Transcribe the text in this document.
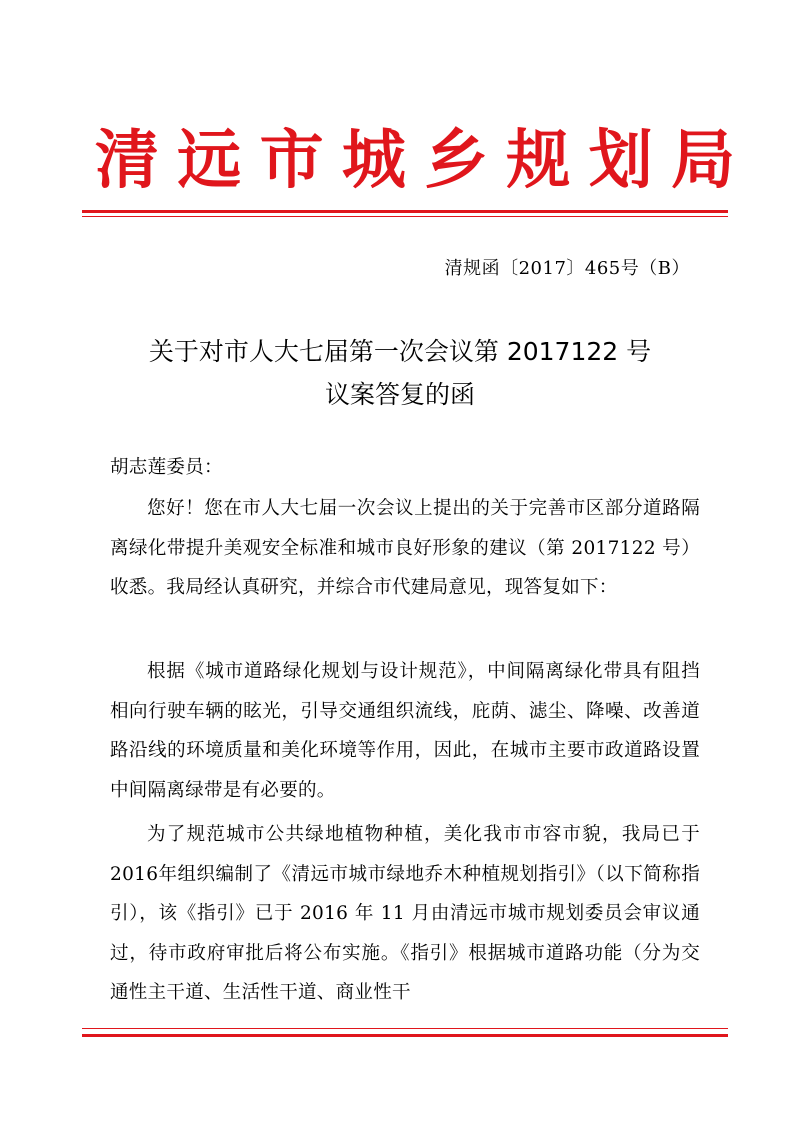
清 远 市 城 乡 规 划 局
清规函〔2017〕465号（B）
关于对市人大七届第一次会议第 2017122 号
议案答复的函
胡志莲委员：

您好！您在市人大七届一次会议上提出的关于完善市区部分道路隔离绿化带提升美观安全标准和城市良好形象的建议（第 2017122 号）收悉。我局经认真研究，并综合市代建局意见，现答复如下：

根据《城市道路绿化规划与设计规范》，中间隔离绿化带具有阻挡相向行驶车辆的眩光，引导交通组织流线，庇荫、滤尘、降噪、改善道路沿线的环境质量和美化环境等作用，因此，在城市主要市政道路设置中间隔离绿带是有必要的。

为了规范城市公共绿地植物种植，美化我市市容市貌，我局已于2016年组织编制了《清远市城市绿地乔木种植规划指引》（以下简称指引），该《指引》已于 2016 年 11 月由清远市城市规划委员会审议通过，待市政府审批后将公布实施。《指引》根据城市道路功能（分为交通性主干道、生活性干道、商业性干
